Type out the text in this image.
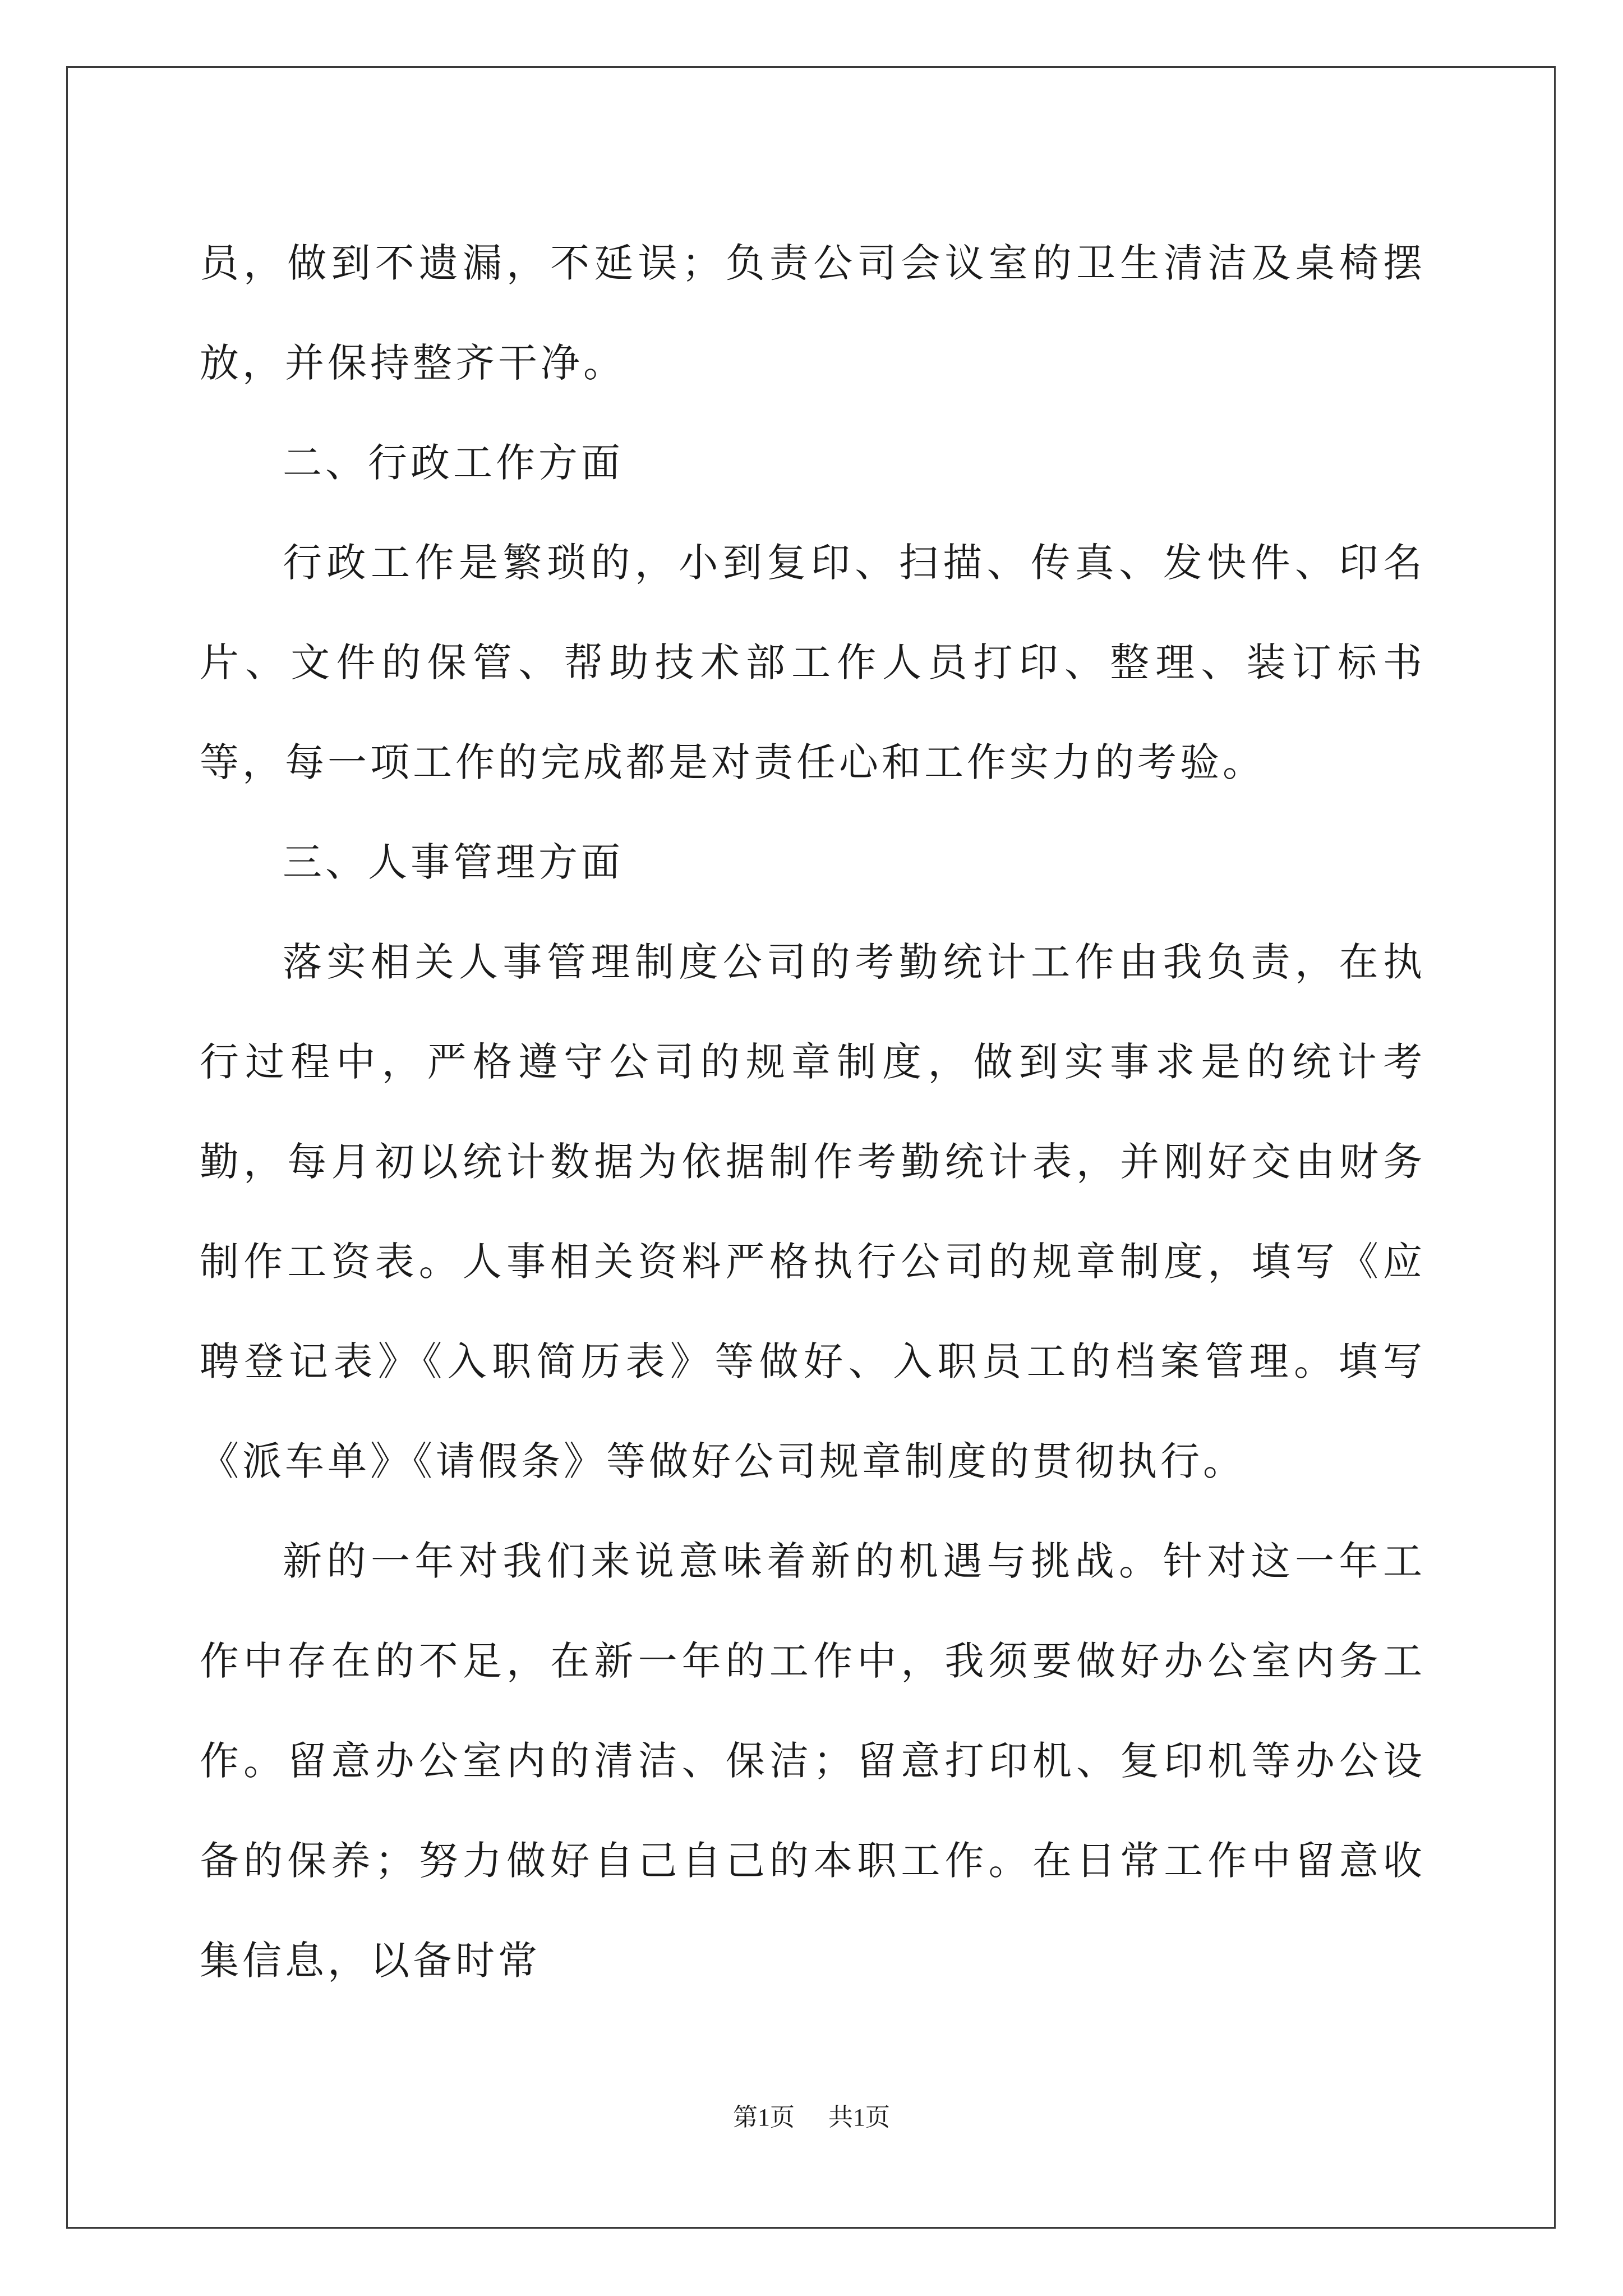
员，做到不遗漏，不延误；负责公司会议室的卫生清洁及桌椅摆放，并保持整齐干净。

二、行政工作方面

行政工作是繁琐的，小到复印、扫描、传真、发快件、印名片、文件的保管、帮助技术部工作人员打印、整理、装订标书等，每一项工作的完成都是对责任心和工作实力的考验。

三、人事管理方面

落实相关人事管理制度公司的考勤统计工作由我负责，在执行过程中，严格遵守公司的规章制度，做到实事求是的统计考勤，每月初以统计数据为依据制作考勤统计表，并刚好交由财务制作工资表。人事相关资料严格执行公司的规章制度，填写《应聘登记表》《入职简历表》等做好、入职员工的档案管理。填写《派车单》《请假条》等做好公司规章制度的贯彻执行。

新的一年对我们来说意味着新的机遇与挑战。针对这一年工作中存在的不足，在新一年的工作中，我须要做好办公室内务工作。留意办公室内的清洁、保洁；留意打印机、复印机等办公设备的保养；努力做好自己自己的本职工作。在日常工作中留意收集信息，以备时常

第1页 共1页
